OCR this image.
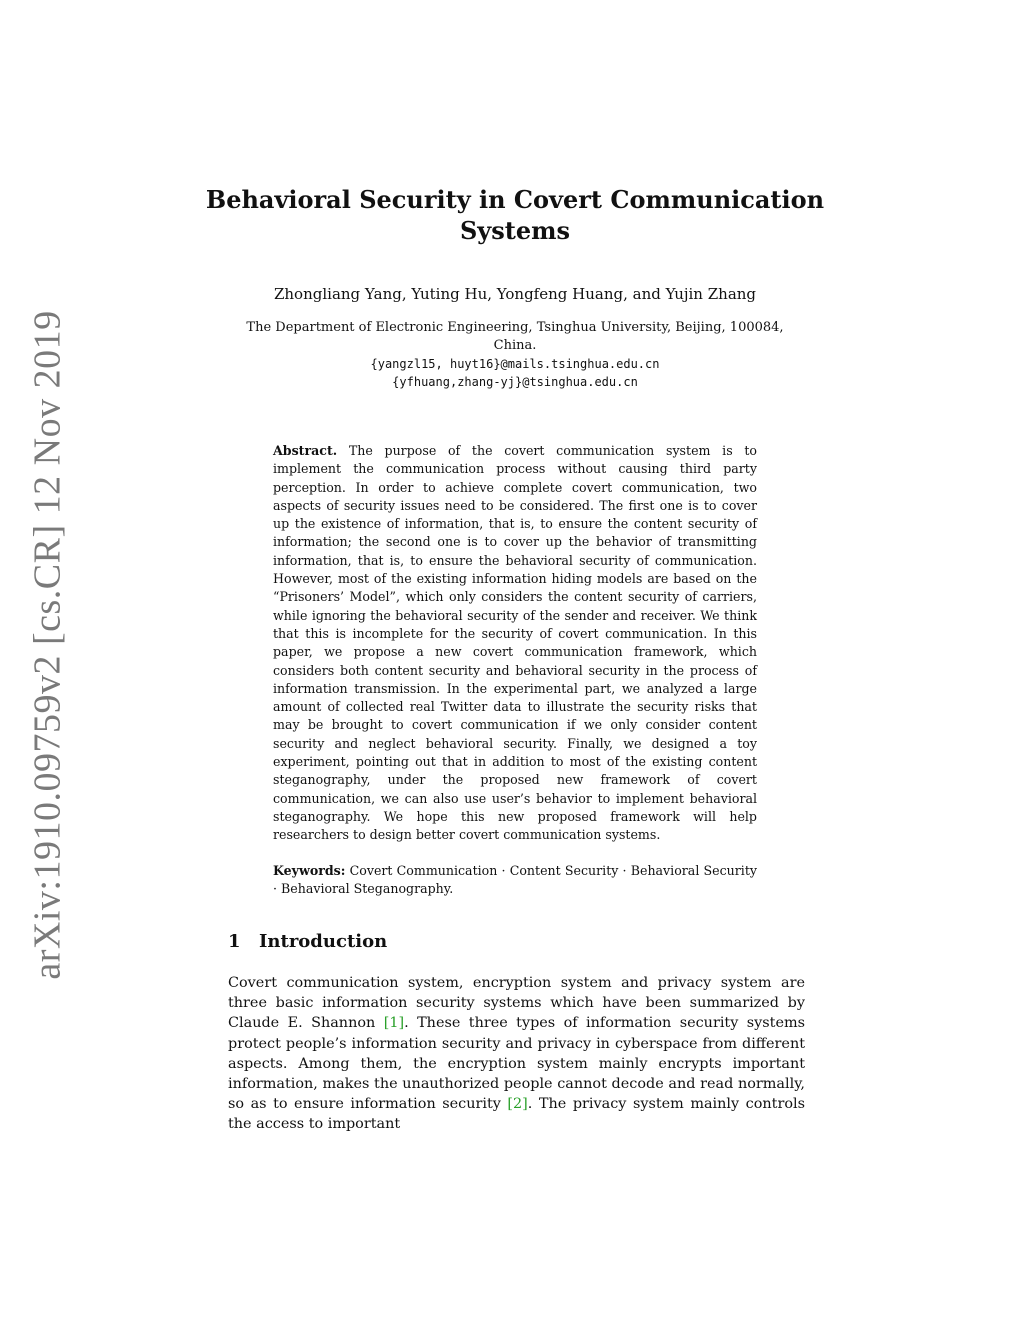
arXiv:1910.09759v2 [cs.CR] 12 Nov 2019
Behavioral Security in Covert Communication
Systems
Zhongliang Yang, Yuting Hu, Yongfeng Huang, and Yujin Zhang
The Department of Electronic Engineering, Tsinghua University, Beijing, 100084,
China.
{yangzl15, huyt16}@mails.tsinghua.edu.cn
{yfhuang,zhang-yj}@tsinghua.edu.cn
Abstract. The purpose of the covert communication system is to implement the communication process without causing third party perception. In order to achieve complete covert communication, two aspects of security issues need to be considered. The first one is to cover up the existence of information, that is, to ensure the content security of information; the second one is to cover up the behavior of transmitting information, that is, to ensure the behavioral security of communication. However, most of the existing information hiding models are based on the “Prisoners’ Model”, which only considers the content security of carriers, while ignoring the behavioral security of the sender and receiver. We think that this is incomplete for the security of covert communication. In this paper, we propose a new covert communication framework, which considers both content security and behavioral security in the process of information transmission. In the experimental part, we analyzed a large amount of collected real Twitter data to illustrate the security risks that may be brought to covert communication if we only consider content security and neglect behavioral security. Finally, we designed a toy experiment, pointing out that in addition to most of the existing content steganography, under the proposed new framework of covert communication, we can also use user’s behavior to implement behavioral steganography. We hope this new proposed framework will help researchers to design better covert communication systems.
Keywords: Covert Communication · Content Security · Behavioral Security · Behavioral Steganography.
1 Introduction
Covert communication system, encryption system and privacy system are three basic information security systems which have been summarized by Claude E. Shannon [1]. These three types of information security systems protect people’s information security and privacy in cyberspace from different aspects. Among them, the encryption system mainly encrypts important information, makes the unauthorized people cannot decode and read normally, so as to ensure information security [2]. The privacy system mainly controls the access to important
